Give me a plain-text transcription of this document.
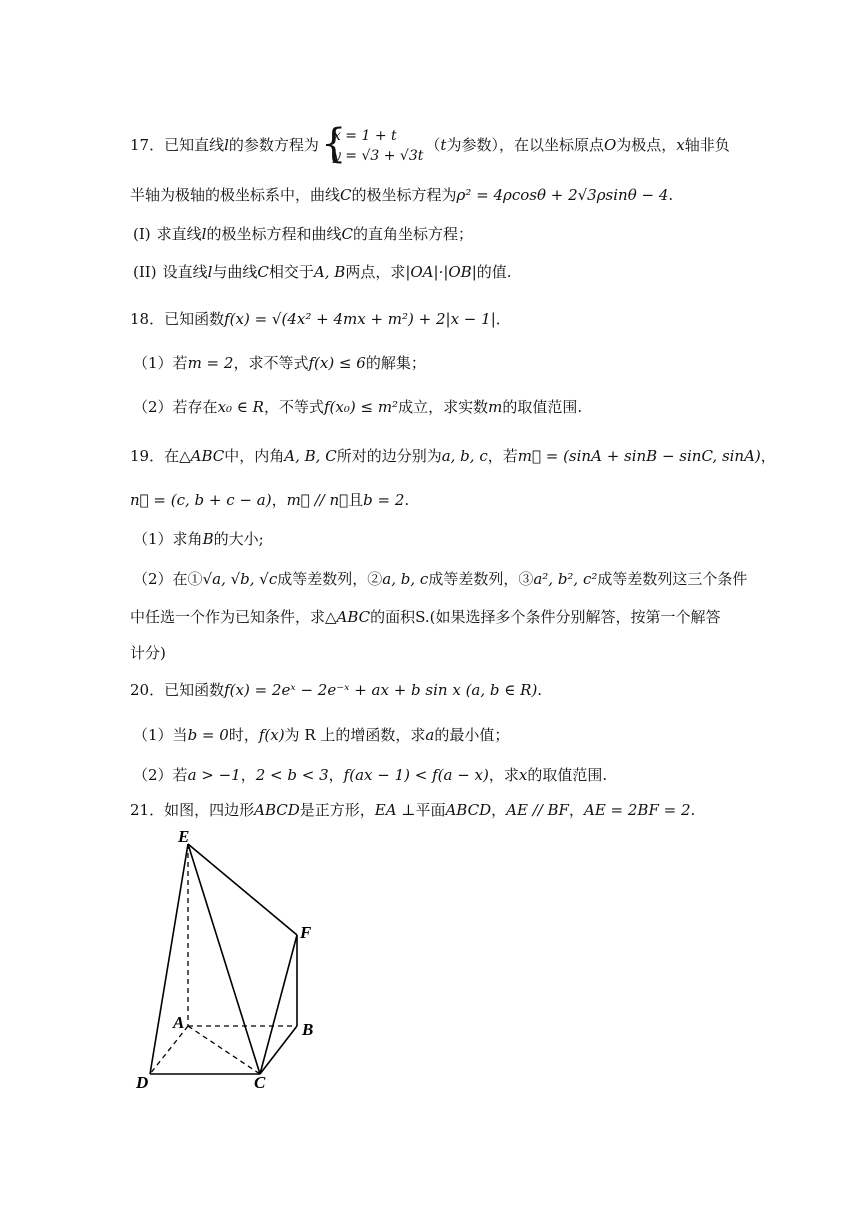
17．已知直线l的参数方程为 {
x = 1 + t
y = √3 + √3t
（t为参数），在以坐标原点O为极点，x轴非负
半轴为极轴的极坐标系中，曲线C的极坐标方程为ρ² = 4ρcosθ + 2√3ρsinθ − 4.
(I) 求直线l的极坐标方程和曲线C的直角坐标方程；
(II) 设直线l与曲线C相交于A, B两点，求|OA|·|OB|的值.
18．已知函数f(x) = √(4x² + 4mx + m²) + 2|x − 1|．
（1）若m = 2，求不等式f(x) ≤ 6的解集；
（2）若存在x₀ ∈ R，不等式f(x₀) ≤ m²成立，求实数m的取值范围.
19．在△ABC中，内角A, B, C所对的边分别为a, b, c，若m⃗ = (sinA + sinB − sinC, sinA)，
n⃗ = (c, b + c − a)，m⃗ // n⃗且b = 2.
（1）求角B的大小;
（2）在①√a, √b, √c成等差数列，②a, b, c成等差数列，③a², b², c²成等差数列这三个条件
中任选一个作为已知条件，求△ABC的面积S.(如果选择多个条件分别解答，按第一个解答
计分)
20．已知函数f(x) = 2eˣ − 2e⁻ˣ + ax + b sin x (a, b ∈ R).
（1）当b = 0时，f(x)为 R 上的增函数，求a的最小值；
（2）若a > −1，2 < b < 3，f(ax − 1) < f(a − x)，求x的取值范围.
21．如图，四边形ABCD是正方形，EA ⊥平面ABCD，AE // BF，AE = 2BF = 2.
E
F
A	B
D	C
